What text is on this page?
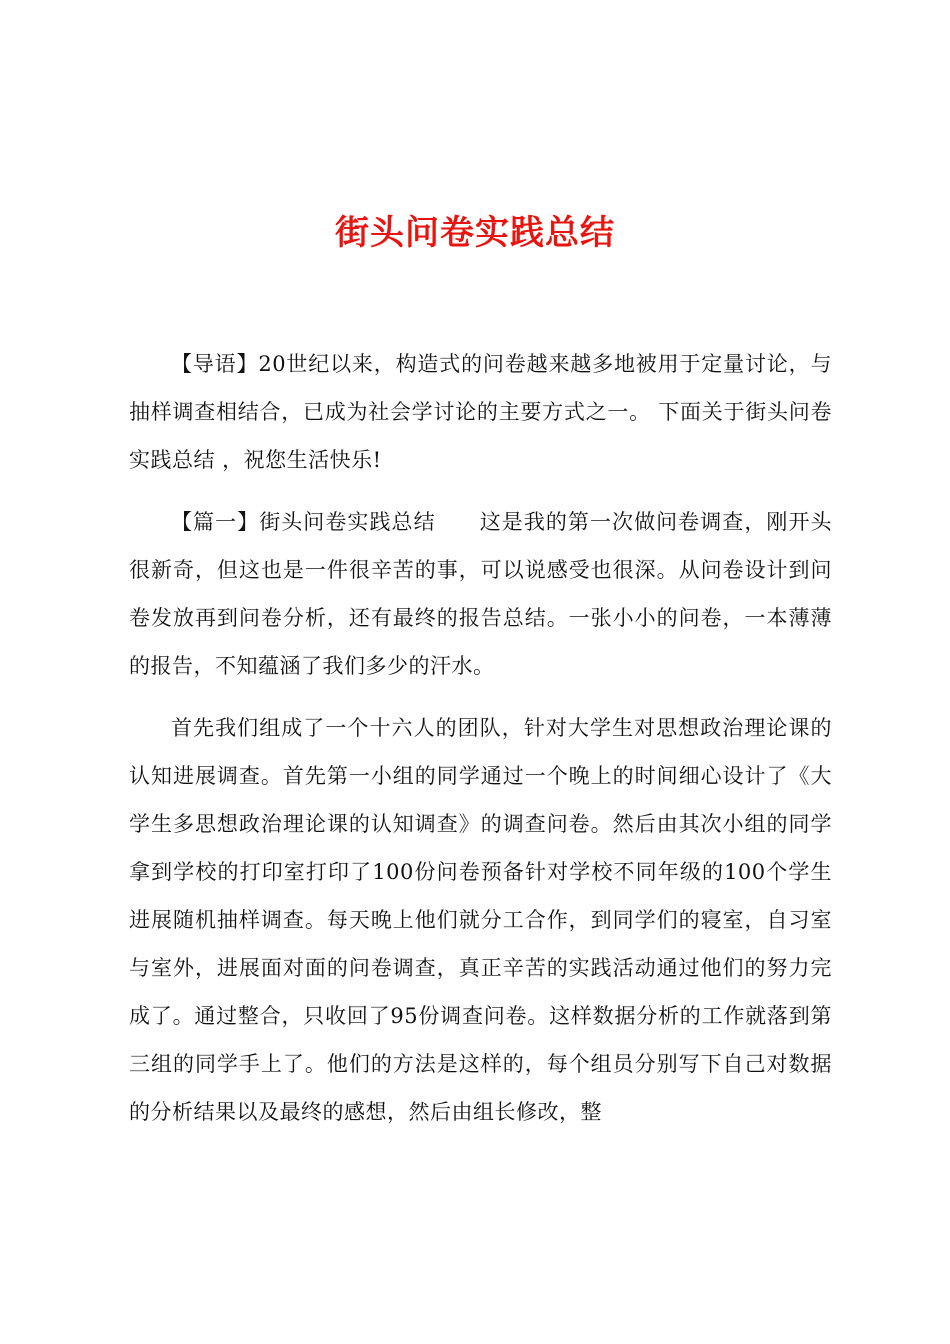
街头问卷实践总结

【导语】20世纪以来，构造式的问卷越来越多地被用于定量讨论，与抽样调查相结合，已成为社会学讨论的主要方式之一。 下面关于街头问卷实践总结 ，祝您生活快乐!

【篇一】街头问卷实践总结　　这是我的第一次做问卷调查，刚开头很新奇，但这也是一件很辛苦的事，可以说感受也很深。从问卷设计到问卷发放再到问卷分析，还有最终的报告总结。一张小小的问卷，一本薄薄的报告，不知蕴涵了我们多少的汗水。

首先我们组成了一个十六人的团队，针对大学生对思想政治理论课的认知进展调查。首先第一小组的同学通过一个晚上的时间细心设计了《大学生多思想政治理论课的认知调查》的调查问卷。然后由其次小组的同学拿到学校的打印室打印了100份问卷预备针对学校不同年级的100个学生进展随机抽样调查。每天晚上他们就分工合作，到同学们的寝室，自习室与室外，进展面对面的问卷调查，真正辛苦的实践活动通过他们的努力完成了。通过整合，只收回了95份调查问卷。这样数据分析的工作就落到第三组的同学手上了。他们的方法是这样的，每个组员分别写下自己对数据的分析结果以及最终的感想，然后由组长修改，整
